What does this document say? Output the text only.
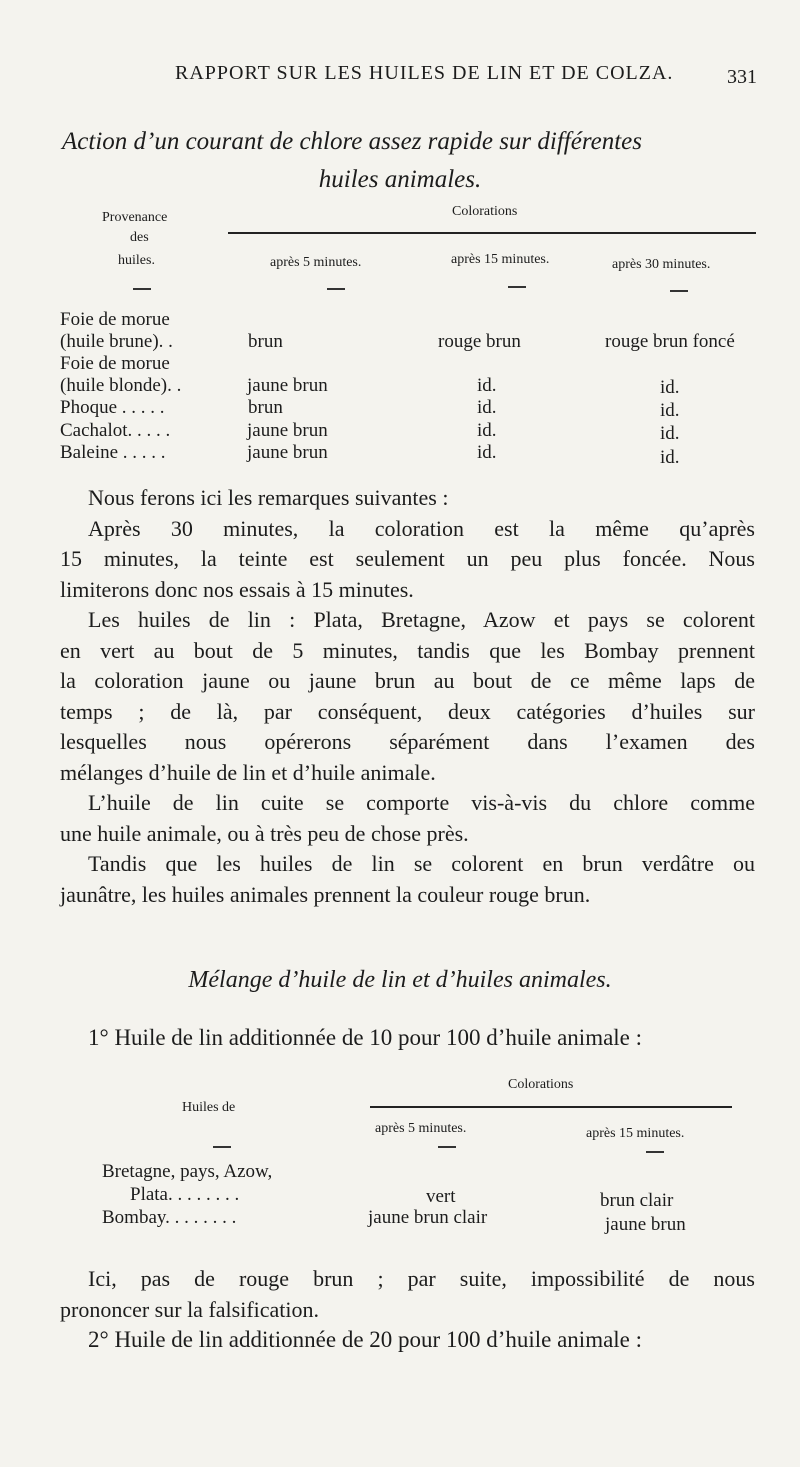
RAPPORT SUR LES HUILES DE LIN ET DE COLZA.	331
Action d’un courant de chlore assez rapide sur différentes
huiles animales.
Provenance
des
huiles.
Colorations
après 5 minutes.	après 15 minutes.	après 30 minutes.
Foie de morue
(huile brune). .	brun	rouge brun	rouge brun foncé
Foie de morue
(huile blonde). .	jaune brun	id.	id.
Phoque . . . . .	brun	id.	id.
Cachalot. . . . .	jaune brun	id.	id.
Baleine . . . . .	jaune brun	id.	id.

Nous ferons ici les remarques suivantes :

Après 30 minutes, la coloration est la même qu’après

15 minutes, la teinte est seulement un peu plus foncée. Nous

limiterons donc nos essais à 15 minutes.

Les huiles de lin : Plata, Bretagne, Azow et pays se colorent

en vert au bout de 5 minutes, tandis que les Bombay prennent

la coloration jaune ou jaune brun au bout de ce même laps de

temps ; de là, par conséquent, deux catégories d’huiles sur

lesquelles nous opérerons séparément dans l’examen des

mélanges d’huile de lin et d’huile animale.

L’huile de lin cuite se comporte vis-à-vis du chlore comme

une huile animale, ou à très peu de chose près.

Tandis que les huiles de lin se colorent en brun verdâtre ou

jaunâtre, les huiles animales prennent la couleur rouge brun.

Mélange d’huile de lin et d’huiles animales.
1° Huile de lin additionnée de 10 pour 100 d’huile animale :
Colorations
Huiles de
après 5 minutes.	après 15 minutes.
Bretagne, pays, Azow,
Plata. . . . . . . .	vert	brun clair
Bombay. . . . . . . .	jaune brun clair	jaune brun

Ici, pas de rouge brun ; par suite, impossibilité de nous

prononcer sur la falsification.

2° Huile de lin additionnée de 20 pour 100 d’huile animale :
